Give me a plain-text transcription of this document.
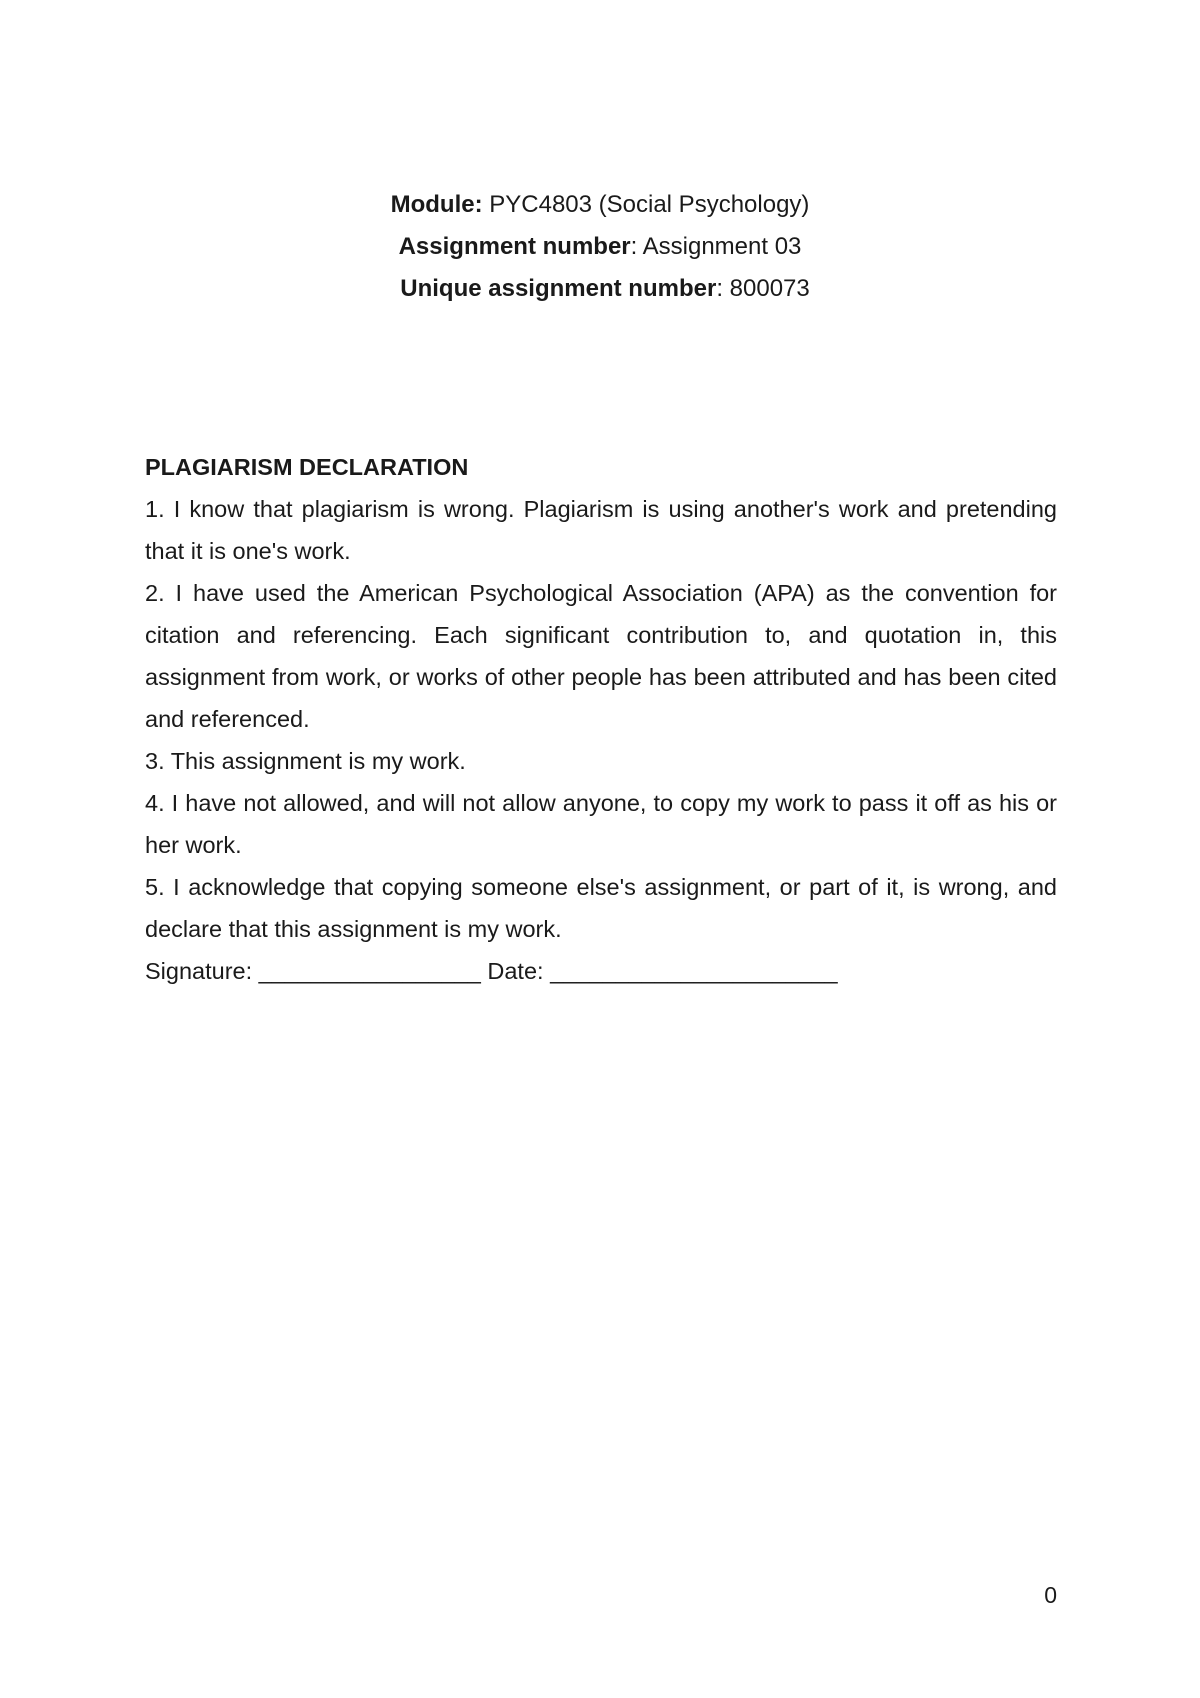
Module: PYC4803 (Social Psychology)
Assignment number: Assignment 03
Unique assignment number: 800073

PLAGIARISM DECLARATION

1. I know that plagiarism is wrong. Plagiarism is using another's work and pretending that it is one's work.

2. I have used the American Psychological Association (APA) as the convention for citation and referencing. Each significant contribution to, and quotation in, this assignment from work, or works of other people has been attributed and has been cited and referenced.

3. This assignment is my work.

4. I have not allowed, and will not allow anyone, to copy my work to pass it off as his or her work.

5. I acknowledge that copying someone else's assignment, or part of it, is wrong, and declare that this assignment is my work.

Signature: _________________ Date: ______________________

0
